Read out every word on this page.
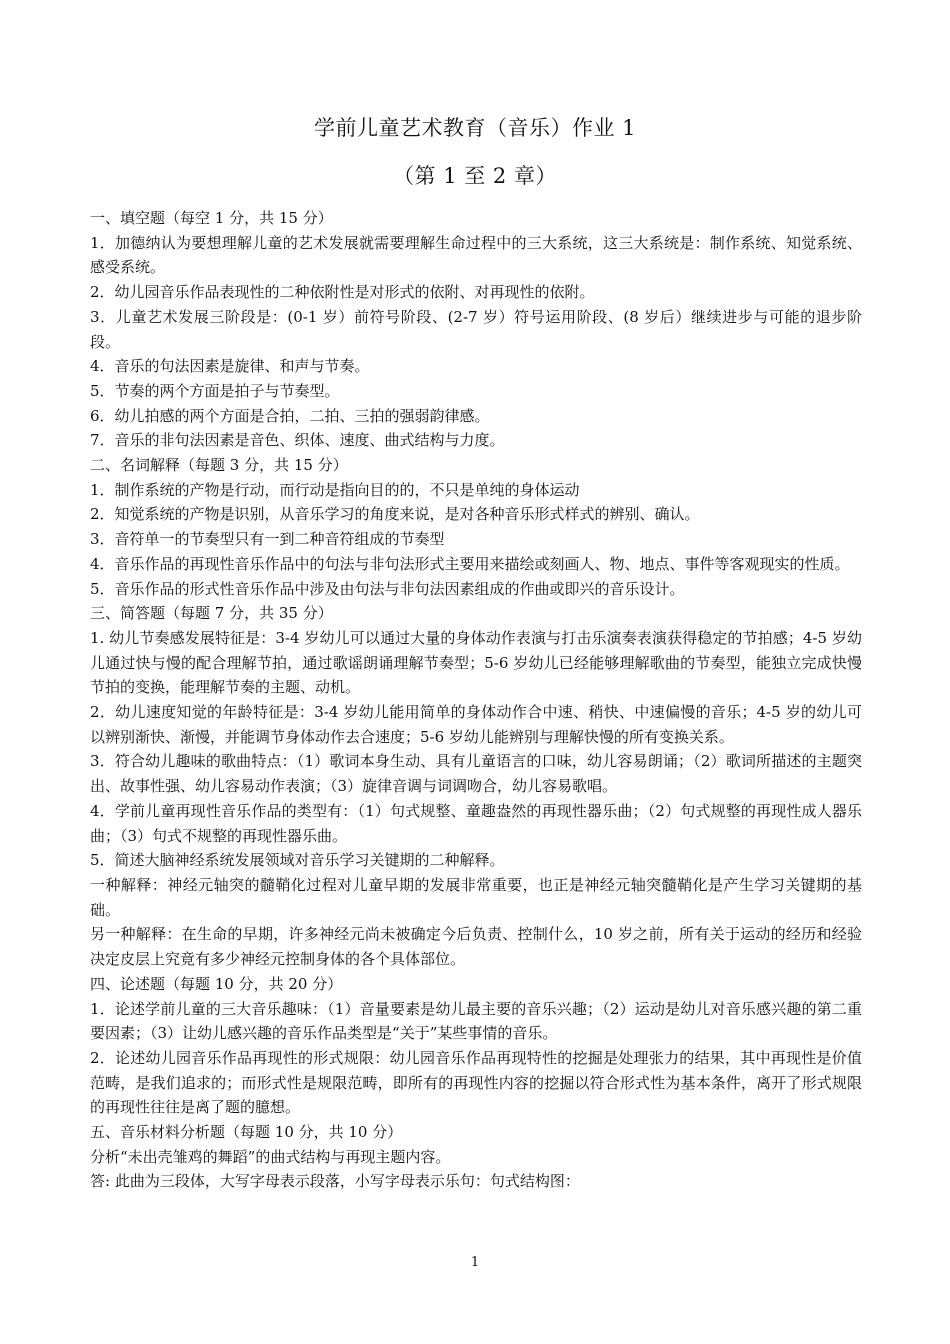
学前儿童艺术教育（音乐）作业 1
（第 1 至 2 章）

一、填空题（每空 1 分，共 15 分）

1．加德纳认为要想理解儿童的艺术发展就需要理解生命过程中的三大系统，这三大系统是：制作系统、知觉系统、感受系统。

2．幼儿园音乐作品表现性的二种依附性是对形式的依附、对再现性的依附。

3．儿童艺术发展三阶段是：(0-1 岁）前符号阶段、(2-7 岁）符号运用阶段、(8 岁后）继续进步与可能的退步阶段。

4．音乐的句法因素是旋律、和声与节奏。

5．节奏的两个方面是拍子与节奏型。

6．幼儿拍感的两个方面是合拍，二拍、三拍的强弱韵律感。

7．音乐的非句法因素是音色、织体、速度、曲式结构与力度。

二、名词解释（每题 3 分，共 15 分）

1．制作系统的产物是行动，而行动是指向目的的，不只是单纯的身体运动

2．知觉系统的产物是识别，从音乐学习的角度来说，是对各种音乐形式样式的辨别、确认。

3．音符单一的节奏型只有一到二种音符组成的节奏型

4．音乐作品的再现性音乐作品中的句法与非句法形式主要用来描绘或刻画人、物、地点、事件等客观现实的性质。

5．音乐作品的形式性音乐作品中涉及由句法与非句法因素组成的作曲或即兴的音乐设计。

三、简答题（每题 7 分，共 35 分）

1. 幼儿节奏感发展特征是：3-4 岁幼儿可以通过大量的身体动作表演与打击乐演奏表演获得稳定的节拍感；4-5 岁幼儿通过快与慢的配合理解节拍，通过歌谣朗诵理解节奏型；5-6 岁幼儿已经能够理解歌曲的节奏型，能独立完成快慢节拍的变换，能理解节奏的主题、动机。

2．幼儿速度知觉的年龄特征是：3-4 岁幼儿能用简单的身体动作合中速、稍快、中速偏慢的音乐；4-5 岁的幼儿可以辨别渐快、渐慢，并能调节身体动作去合速度；5-6 岁幼儿能辨别与理解快慢的所有变换关系。

3．符合幼儿趣味的歌曲特点：（1）歌词本身生动、具有儿童语言的口味，幼儿容易朗诵；（2）歌词所描述的主题突出、故事性强、幼儿容易动作表演；（3）旋律音调与词调吻合，幼儿容易歌唱。

4．学前儿童再现性音乐作品的类型有：（1）句式规整、童趣盎然的再现性器乐曲；（2）句式规整的再现性成人器乐曲；（3）句式不规整的再现性器乐曲。

5．简述大脑神经系统发展领域对音乐学习关键期的二种解释。

一种解释：神经元轴突的髓鞘化过程对儿童早期的发展非常重要，也正是神经元轴突髓鞘化是产生学习关键期的基础。

另一种解释：在生命的早期，许多神经元尚未被确定今后负责、控制什么，10 岁之前，所有关于运动的经历和经验决定皮层上究竟有多少神经元控制身体的各个具体部位。

四、论述题（每题 10 分，共 20 分）

1．论述学前儿童的三大音乐趣味：（1）音量要素是幼儿最主要的音乐兴趣；（2）运动是幼儿对音乐感兴趣的第二重要因素；（3）让幼儿感兴趣的音乐作品类型是“关于”某些事情的音乐。

2．论述幼儿园音乐作品再现性的形式规限：幼儿园音乐作品再现特性的挖掘是处理张力的结果，其中再现性是价值范畴，是我们追求的；而形式性是规限范畴，即所有的再现性内容的挖掘以符合形式性为基本条件，离开了形式规限的再现性往往是离了题的臆想。

五、音乐材料分析题（每题 10 分，共 10 分）

分析“未出壳雏鸡的舞蹈”的曲式结构与再现主题内容。

答: 此曲为三段体，大写字母表示段落，小写字母表示乐句：句式结构图：

1
